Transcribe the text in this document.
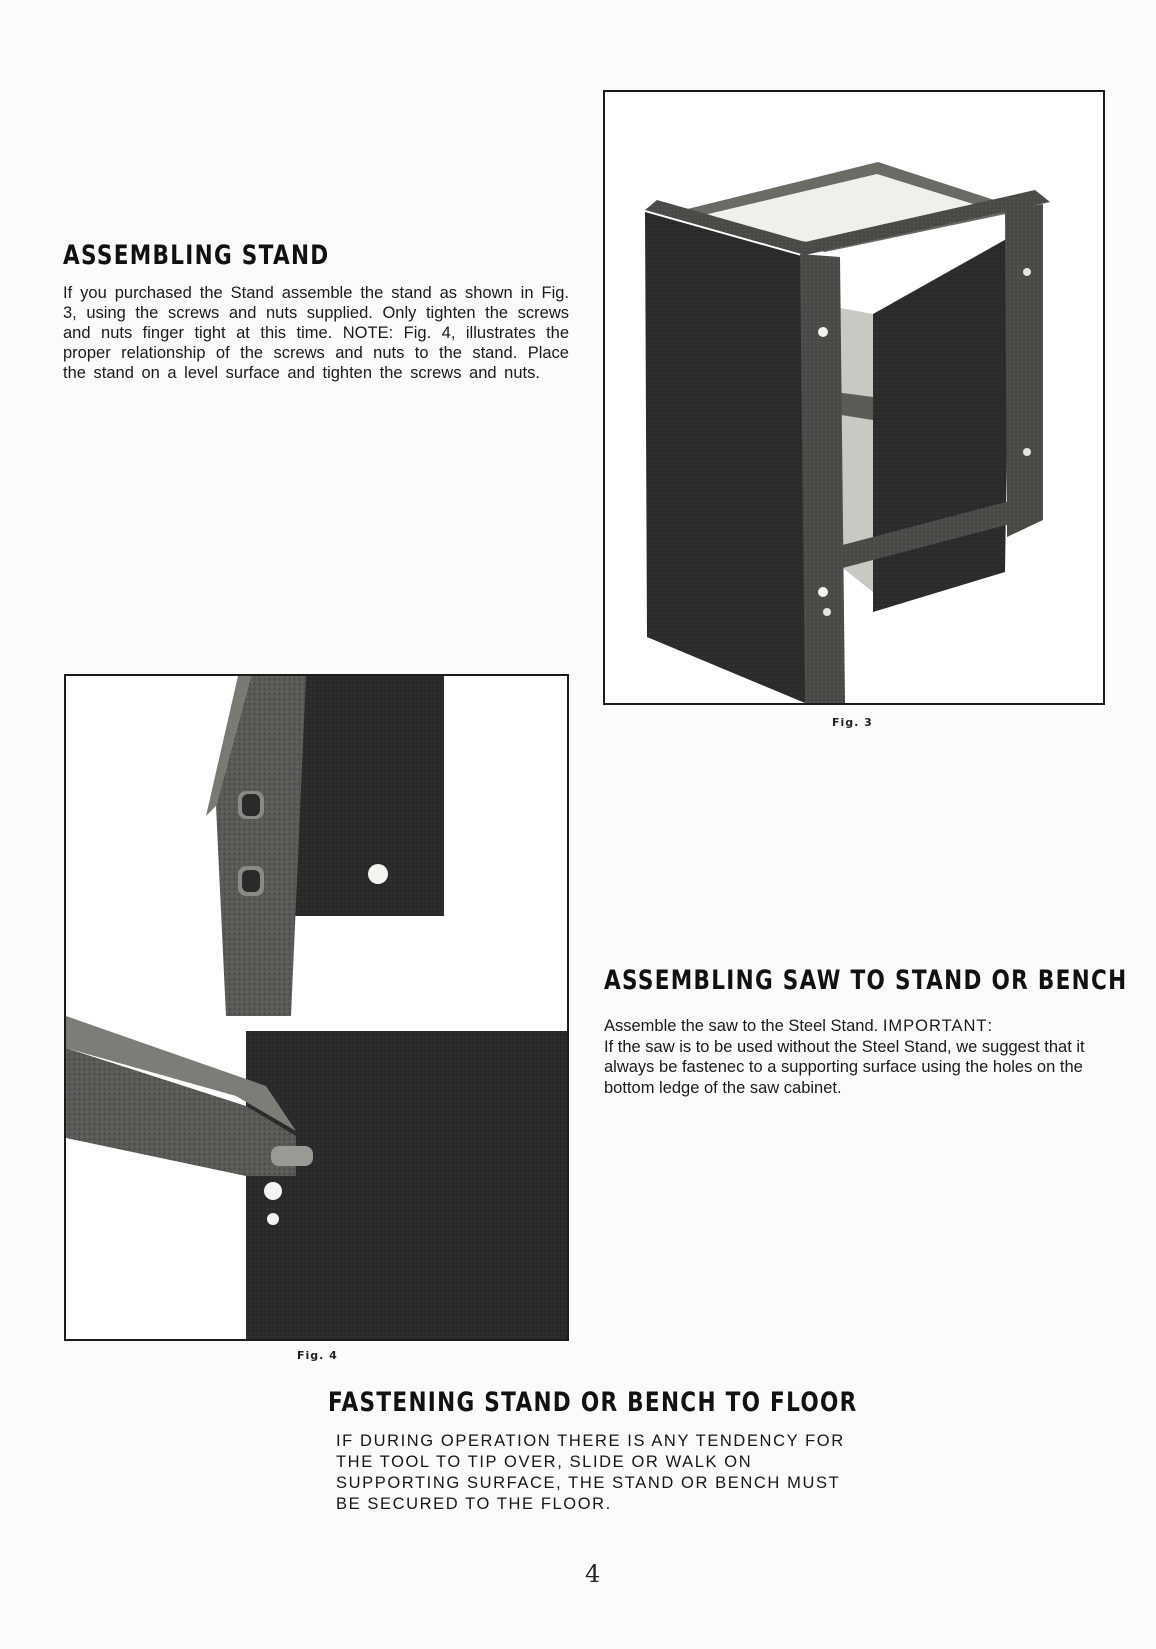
ASSEMBLING STAND

If you purchased the Stand assemble the stand as shown in Fig. 3, using the screws and nuts supplied. Only tighten the screws and nuts finger tight at this time. NOTE: Fig. 4, illustrates the proper relationship of the screws and nuts to the stand. Place the stand on a level surface and tighten the screws and nuts.

Fig. 3
Fig. 4
ASSEMBLING SAW TO STAND OR BENCH

Assemble the saw to the Steel Stand. IMPORTANT:
If the saw is to be used without the Steel Stand, we suggest that it always be fastenec to a supporting surface using the holes on the bottom ledge of the saw cabinet.

FASTENING STAND OR BENCH TO FLOOR

IF DURING OPERATION THERE IS ANY TENDENCY FOR THE TOOL TO TIP OVER, SLIDE OR WALK ON SUPPORTING SURFACE, THE STAND OR BENCH MUST BE SECURED TO THE FLOOR.

4
